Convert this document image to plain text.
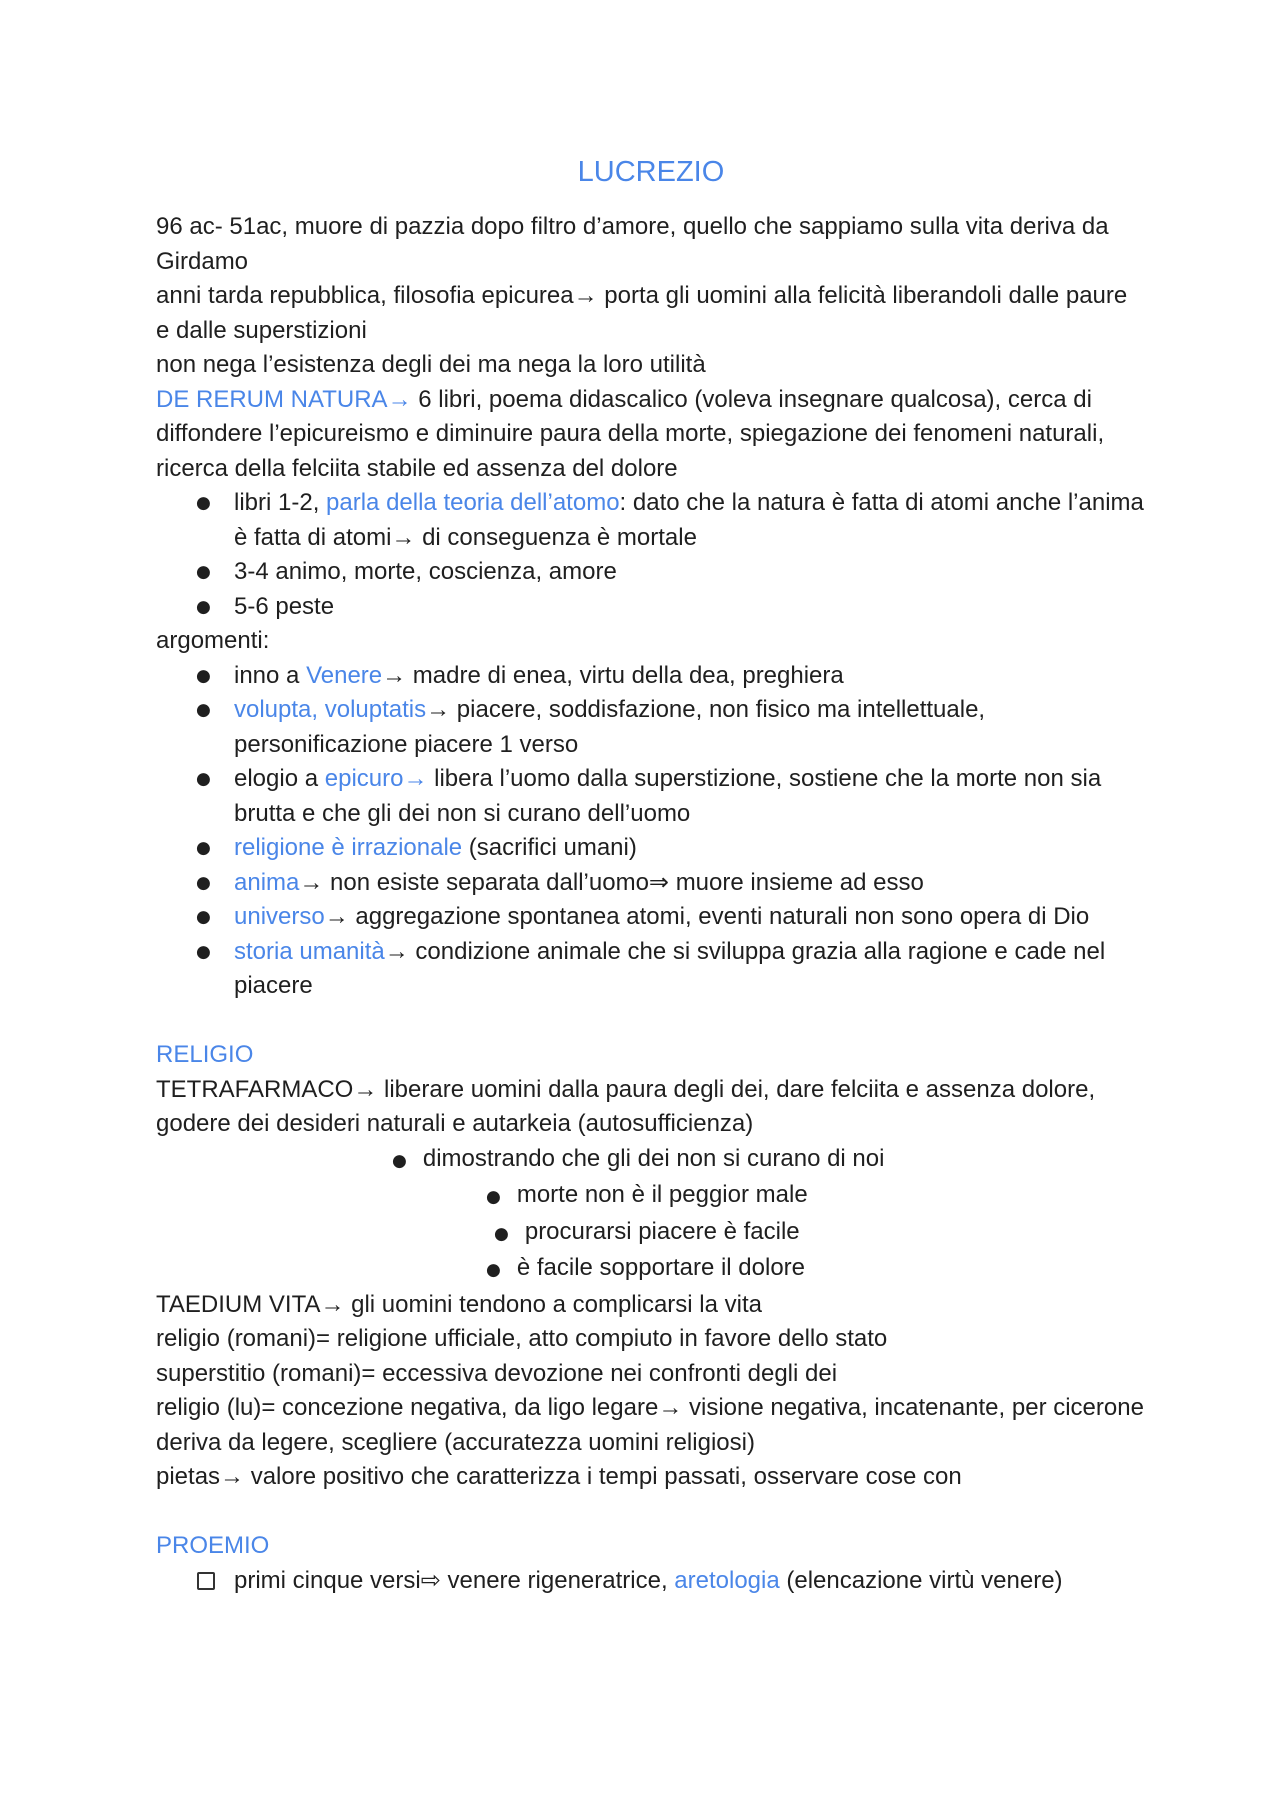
LUCREZIO

96 ac- 51ac, muore di pazzia dopo filtro d’amore, quello che sappiamo sulla vita deriva da Girdamo

anni tarda repubblica, filosofia epicurea→ porta gli uomini alla felicità liberandoli dalle paure e dalle superstizioni

non nega l’esistenza degli dei ma nega la loro utilità

DE RERUM NATURA→ 6 libri, poema didascalico (voleva insegnare qualcosa), cerca di diffondere l’epicureismo e diminuire paura della morte, spiegazione dei fenomeni naturali, ricerca della felciita stabile ed assenza del dolore

● libri 1-2, parla della teoria dell’atomo: dato che la natura è fatta di atomi anche l’anima è fatta di atomi→ di conseguenza è mortale
● 3-4 animo, morte, coscienza, amore
● 5-6 peste

argomenti:

● inno a Venere→ madre di enea, virtu della dea, preghiera
● volupta, voluptatis→ piacere, soddisfazione, non fisico ma intellettuale, personificazione piacere 1 verso
● elogio a epicuro→ libera l’uomo dalla superstizione, sostiene che la morte non sia brutta e che gli dei non si curano dell’uomo
● religione è irrazionale (sacrifici umani)
● anima→ non esiste separata dall’uomo⇒ muore insieme ad esso
● universo→ aggregazione spontanea atomi, eventi naturali non sono opera di Dio
● storia umanità→ condizione animale che si sviluppa grazia alla ragione e cade nel piacere

RELIGIO

TETRAFARMACO→ liberare uomini dalla paura degli dei, dare felciita e assenza dolore, godere dei desideri naturali e autarkeia (autosufficienza)

● dimostrando che gli dei non si curano di noi
● morte non è il peggior male
● procurarsi piacere è facile
● è facile sopportare il dolore

TAEDIUM VITA→ gli uomini tendono a complicarsi la vita

religio (romani)= religione ufficiale, atto compiuto in favore dello stato

superstitio (romani)= eccessiva devozione nei confronti degli dei

religio (lu)= concezione negativa, da ligo legare→ visione negativa, incatenante, per cicerone deriva da legere, scegliere (accuratezza uomini religiosi)

pietas→ valore positivo che caratterizza i tempi passati, osservare cose con

PROEMIO

primi cinque versi⇨ venere rigeneratrice, aretologia (elencazione virtù venere)
